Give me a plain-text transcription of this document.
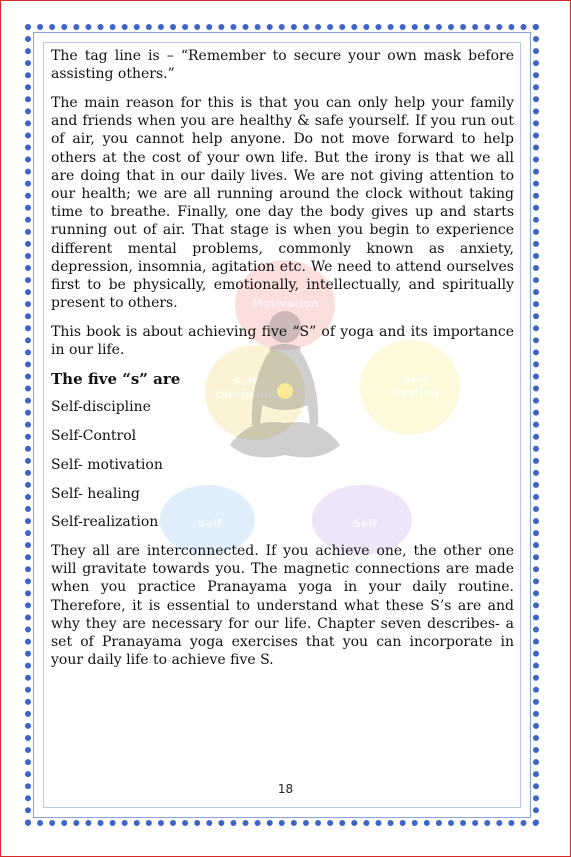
Motivation
Self Healing
Self Discipline
Self	Self

The tag line is – “Remember to secure your own mask before assisting others.”

The main reason for this is that you can only help your family and friends when you are healthy & safe yourself. If you run out of air, you cannot help anyone. Do not move forward to help others at the cost of your own life. But the irony is that we all are doing that in our daily lives. We are not giving attention to our health; we are all running around the clock without taking time to breathe. Finally, one day the body gives up and starts running out of air. That stage is when you begin to experience different mental problems, commonly known as anxiety, depression, insomnia, agitation etc. We need to attend ourselves first to be physically, emotionally, intellectually, and spiritually present to others.

This book is about achieving five “S” of yoga and its importance in our life.

The five “s” are

Self-discipline

Self-Control

Self- motivation

Self- healing

Self-realization

They all are interconnected. If you achieve one, the other one will gravitate towards you. The magnetic connections are made when you practice Pranayama yoga in your daily routine. Therefore, it is essential to understand what these S’s are and why they are necessary for our life. Chapter seven describes- a set of Pranayama yoga exercises that you can incorporate in your daily life to achieve five S.

18
